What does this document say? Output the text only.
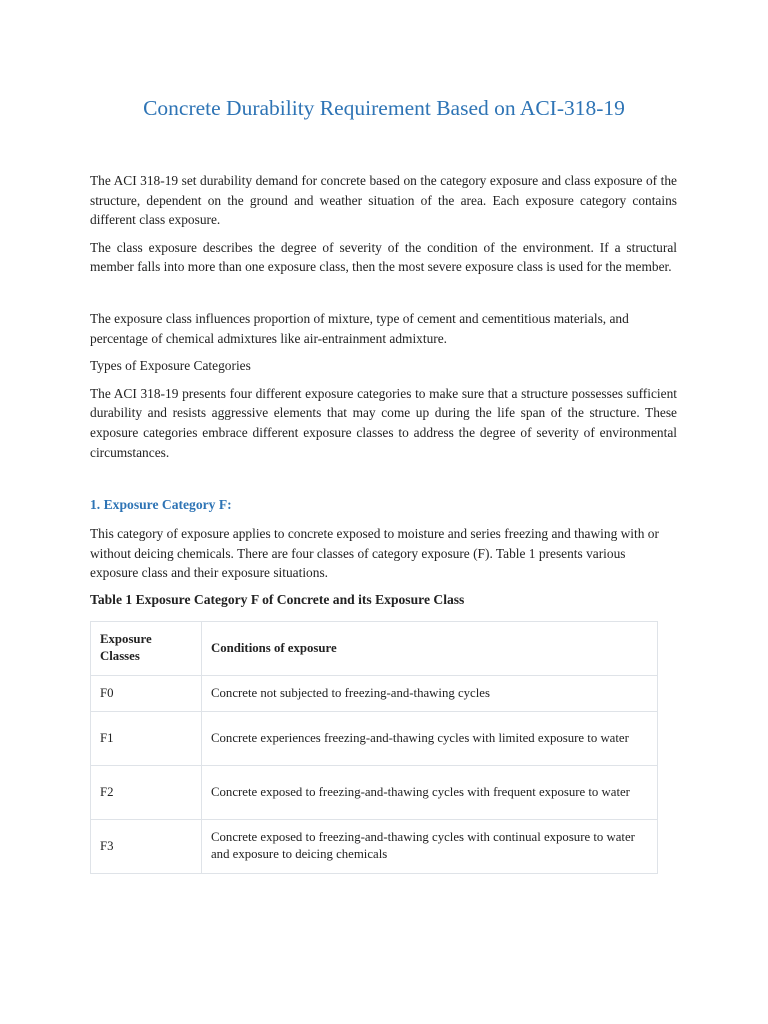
Concrete Durability Requirement Based on ACI-318-19

The ACI 318-19 set durability demand for concrete based on the category exposure and class exposure of the structure, dependent on the ground and weather situation of the area. Each exposure category contains different class exposure.

The class exposure describes the degree of severity of the condition of the environment. If a structural member falls into more than one exposure class, then the most severe exposure class is used for the member.

The exposure class influences proportion of mixture, type of cement and cementitious materials, and percentage of chemical admixtures like air-entrainment admixture.

Types of Exposure Categories

The ACI 318-19 presents four different exposure categories to make sure that a structure possesses sufficient durability and resists aggressive elements that may come up during the life span of the structure. These exposure categories embrace different exposure classes to address the degree of severity of environmental circumstances.

1. Exposure Category F:

This category of exposure applies to concrete exposed to moisture and series freezing and thawing with or without deicing chemicals. There are four classes of category exposure (F). Table 1 presents various exposure class and their exposure situations.

Table 1 Exposure Category F of Concrete and its Exposure Class

Exposure Classes	Conditions of exposure
F0	Concrete not subjected to freezing-and-thawing cycles
F1	Concrete experiences freezing-and-thawing cycles with limited exposure to water
F2	Concrete exposed to freezing-and-thawing cycles with frequent exposure to water
F3	Concrete exposed to freezing-and-thawing cycles with continual exposure to water and exposure to deicing chemicals
